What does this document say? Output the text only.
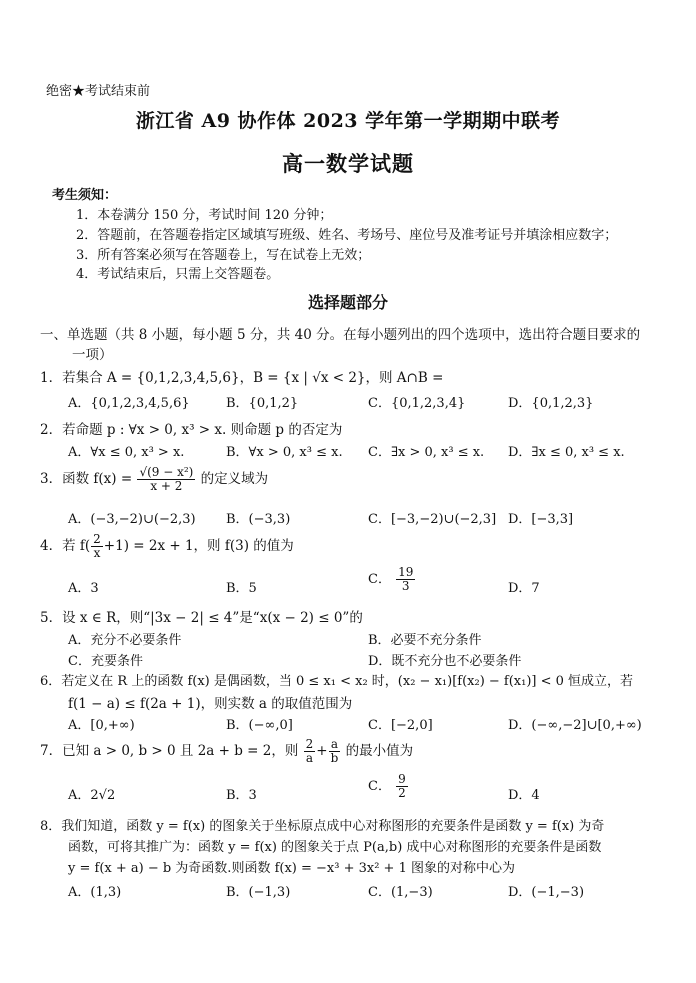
绝密★考试结束前
浙江省 A9 协作体 2023 学年第一学期期中联考
高一数学试题
考生须知：
1．本卷满分 150 分，考试时间 120 分钟；
2．答题前，在答题卷指定区域填写班级、姓名、考场号、座位号及准考证号并填涂相应数字；
3．所有答案必须写在答题卷上，写在试卷上无效；
4．考试结束后，只需上交答题卷。
选择题部分
一、单选题（共 8 小题，每小题 5 分，共 40 分。在每小题列出的四个选项中，选出符合题目要求的
一项）
1．若集合 A = {0,1,2,3,4,5,6}，B = {x | √x < 2}，则 A∩B =
A．{0,1,2,3,4,5,6}	B．{0,1,2}	C．{0,1,2,3,4}	D．{0,1,2,3}
2．若命题 p : ∀x > 0, x³ > x. 则命题 p 的否定为
A．∀x ≤ 0, x³ > x.	B．∀x > 0, x³ ≤ x. C．∃x > 0, x³ ≤ x. D．∃x ≤ 0, x³ ≤ x.
3．函数 $f(x) = \frac{\text{√(9 − x²)}}{x + 2}$ 的定义域为
A．(−3,−2)∪(−2,3) B．(−3,3)	C．[−3,−2)∪(−2,3] D．[−3,3]
4．若 $f( \frac{2}{x} +1) = 2x + 1$，则 f(3) 的值为
A．3	B．5
C． $\frac{19}{3}$	D．7
5．设 x ∈ R，则“|3x − 2| ≤ 4”是“x(x − 2) ≤ 0”的
A．充分不必要条件	B．必要不充分条件
C．充要条件	D．既不充分也不必要条件
6．若定义在 R 上的函数 f(x) 是偶函数，当 0 ≤ x₁ < x₂ 时，(x₂ − x₁)[f(x₂) − f(x₁)] < 0 恒成立，若
f(1 − a) ≤ f(2a + 1)，则实数 a 的取值范围为
A．[0,+∞)	B．(−∞,0]	C．[−2,0]	D．(−∞,−2]∪[0,+∞)
7．已知 a > 0, b > 0 且 2a + b = 2，则 $\frac{2}{a} + \frac{a}{b}$ 的最小值为
A．2√2	B．3
C． $\frac{9}{2}$	D．4
8．我们知道，函数 y = f(x) 的图象关于坐标原点成中心对称图形的充要条件是函数 y = f(x) 为奇
函数，可将其推广为：函数 y = f(x) 的图象关于点 P(a,b) 成中心对称图形的充要条件是函数
y = f(x + a) − b 为奇函数.则函数 f(x) = −x³ + 3x² + 1 图象的对称中心为
A．(1,3)	B．(−1,3)	C．(1,−3)	D．(−1,−3)
